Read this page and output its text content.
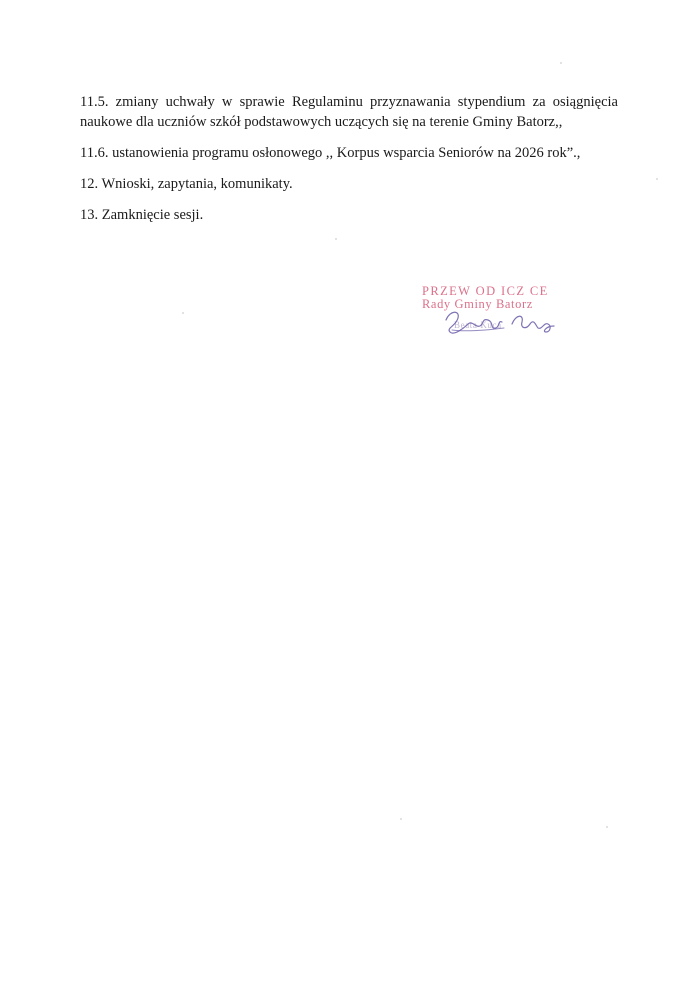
11.5. zmiany uchwały w sprawie Regulaminu przyznawania stypendium za osiągnięcia
naukowe dla uczniów szkół podstawowych uczących się na terenie Gminy Batorz,,

11.6. ustanowienia programu osłonowego ,, Korpus wsparcia Seniorów na 2026 rok”.,

12. Wnioski, zapytania, komunikaty.

13. Zamknięcie sesji.

PRZEW OD ICZ CE
Rady Gminy Batorz
Beata Kuca
